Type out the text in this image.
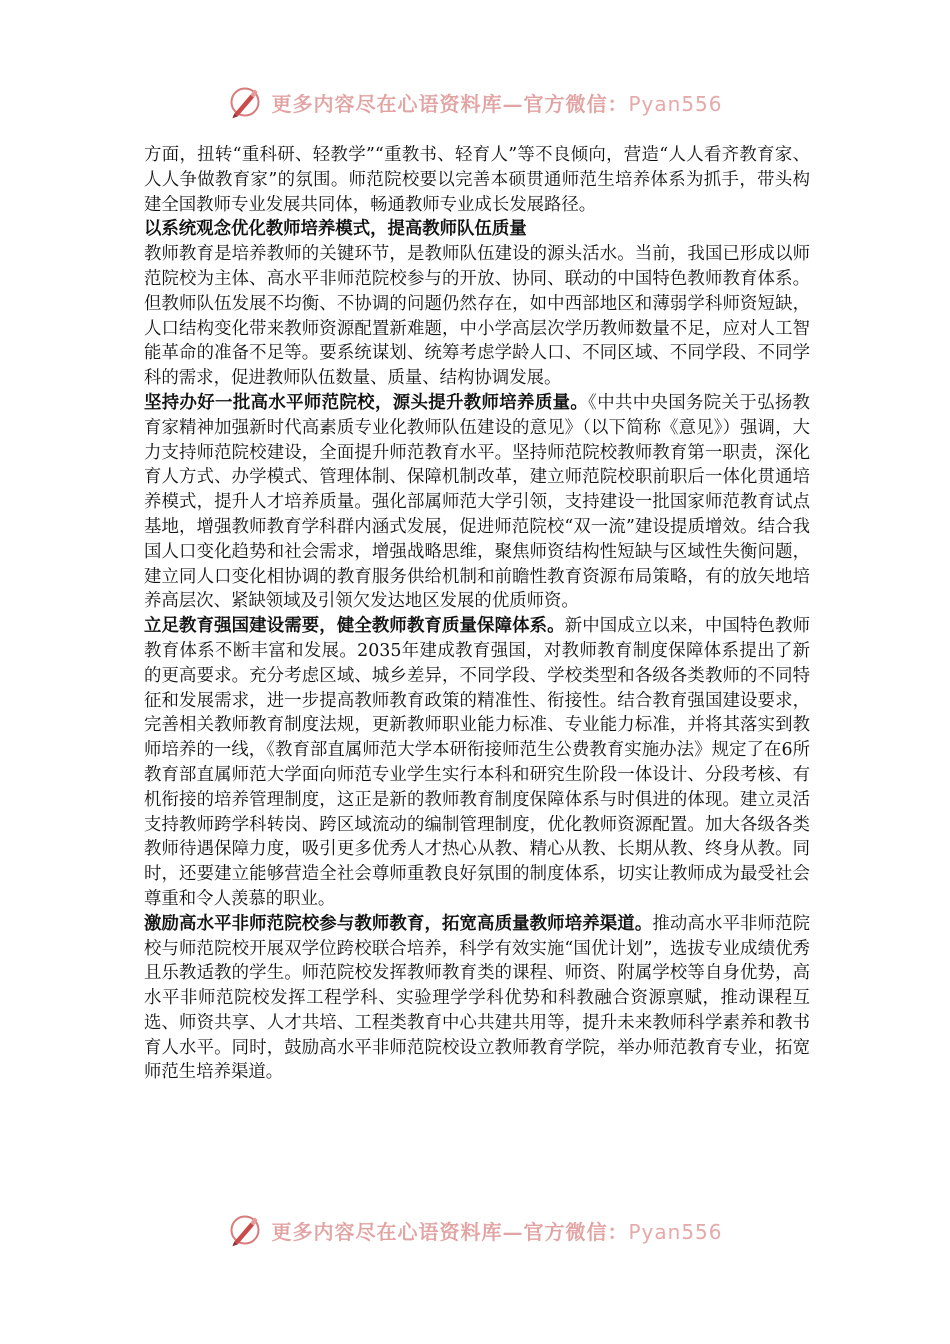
更多内容尽在心语资料库—官方微信：Pyan556

方面，扭转“重科研、轻教学”“重教书、轻育人”等不良倾向，营造“人人看齐教育家、人人争做教育家”的氛围。师范院校要以完善本硕贯通师范生培养体系为抓手，带头构建全国教师专业发展共同体，畅通教师专业成长发展路径。

以系统观念优化教师培养模式，提高教师队伍质量

教师教育是培养教师的关键环节，是教师队伍建设的源头活水。当前，我国已形成以师范院校为主体、高水平非师范院校参与的开放、协同、联动的中国特色教师教育体系。但教师队伍发展不均衡、不协调的问题仍然存在，如中西部地区和薄弱学科师资短缺，人口结构变化带来教师资源配置新难题，中小学高层次学历教师数量不足，应对人工智能革命的准备不足等。要系统谋划、统筹考虑学龄人口、不同区域、不同学段、不同学科的需求，促进教师队伍数量、质量、结构协调发展。

坚持办好一批高水平师范院校，源头提升教师培养质量。《中共中央国务院关于弘扬教育家精神加强新时代高素质专业化教师队伍建设的意见》（以下简称《意见》）强调，大力支持师范院校建设，全面提升师范教育水平。坚持师范院校教师教育第一职责，深化育人方式、办学模式、管理体制、保障机制改革，建立师范院校职前职后一体化贯通培养模式，提升人才培养质量。强化部属师范大学引领，支持建设一批国家师范教育试点基地，增强教师教育学科群内涵式发展，促进师范院校“双一流”建设提质增效。结合我国人口变化趋势和社会需求，增强战略思维，聚焦师资结构性短缺与区域性失衡问题，建立同人口变化相协调的教育服务供给机制和前瞻性教育资源布局策略，有的放矢地培养高层次、紧缺领域及引领欠发达地区发展的优质师资。

立足教育强国建设需要，健全教师教育质量保障体系。新中国成立以来，中国特色教师教育体系不断丰富和发展。2035年建成教育强国，对教师教育制度保障体系提出了新的更高要求。充分考虑区域、城乡差异，不同学段、学校类型和各级各类教师的不同特征和发展需求，进一步提高教师教育政策的精准性、衔接性。结合教育强国建设要求，完善相关教师教育制度法规，更新教师职业能力标准、专业能力标准，并将其落实到教师培养的一线，《教育部直属师范大学本研衔接师范生公费教育实施办法》规定了在6所教育部直属师范大学面向师范专业学生实行本科和研究生阶段一体设计、分段考核、有机衔接的培养管理制度，这正是新的教师教育制度保障体系与时俱进的体现。建立灵活支持教师跨学科转岗、跨区域流动的编制管理制度，优化教师资源配置。加大各级各类教师待遇保障力度，吸引更多优秀人才热心从教、精心从教、长期从教、终身从教。同时，还要建立能够营造全社会尊师重教良好氛围的制度体系，切实让教师成为最受社会尊重和令人羡慕的职业。

激励高水平非师范院校参与教师教育，拓宽高质量教师培养渠道。推动高水平非师范院校与师范院校开展双学位跨校联合培养，科学有效实施“国优计划”，选拔专业成绩优秀且乐教适教的学生。师范院校发挥教师教育类的课程、师资、附属学校等自身优势，高水平非师范院校发挥工程学科、实验理学学科优势和科教融合资源禀赋，推动课程互选、师资共享、人才共培、工程类教育中心共建共用等，提升未来教师科学素养和教书育人水平。同时，鼓励高水平非师范院校设立教师教育学院，举办师范教育专业，拓宽师范生培养渠道。

更多内容尽在心语资料库—官方微信：Pyan556
